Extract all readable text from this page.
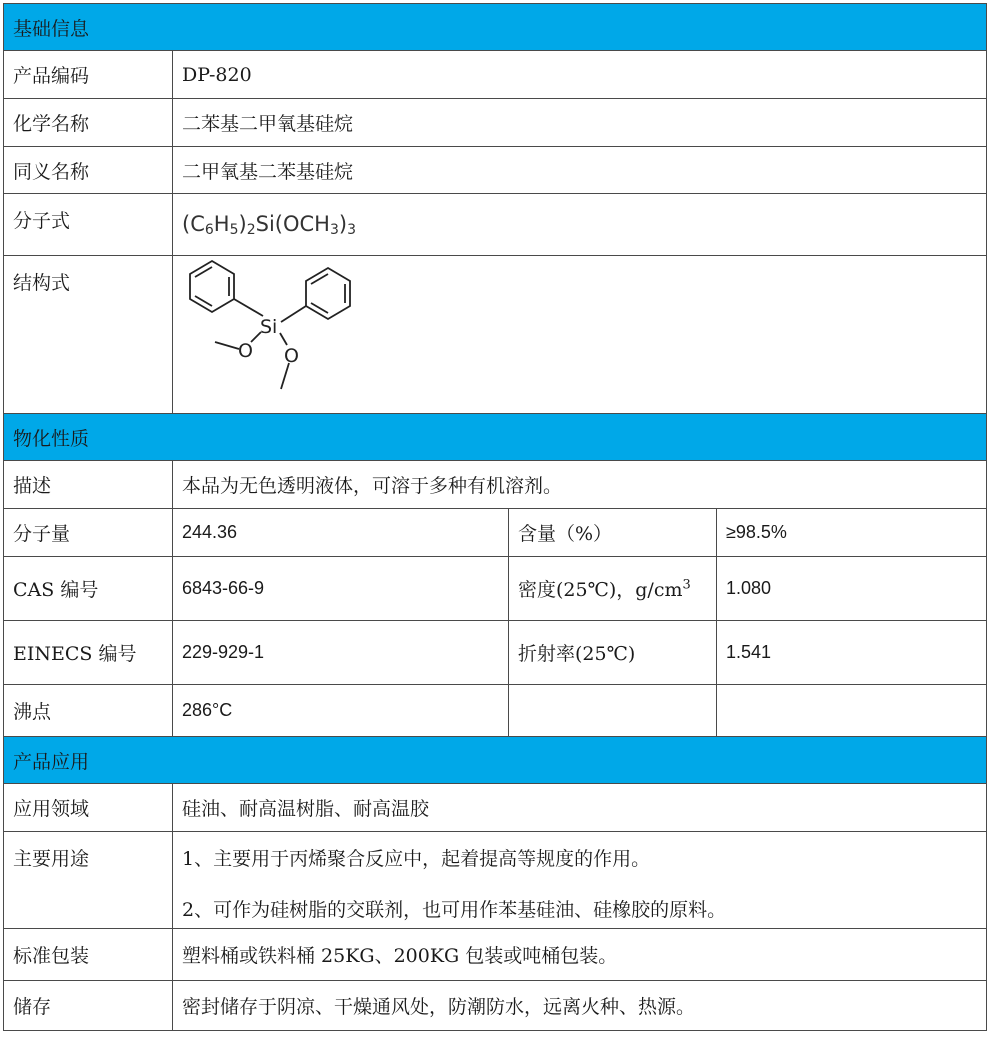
基础信息			
产品编码	DP-820		
化学名称	二苯基二甲氧基硅烷		
同义名称	二甲氧基二苯基硅烷		
分子式	$(C_6H_5)_2Si(OCH_3)_3$
结构式	Si
O O		

物化性质			
描述	本品为无色透明液体，可溶于多种有机溶剂。		
分子量	244.36	含量（%）	≥98.5%
CAS 编号	6843-66-9	密度(25℃)，$g/cm^3$	1.080
EINECS 编号	229-929-1	折射率(25℃)	1.541
沸点	286°C		
产品应用			
应用领域	硅油、耐高温树脂、耐高温胶		
主要用途	1、主要用于丙烯聚合反应中，起着提高等规度的作用。
2、可作为硅树脂的交联剂，也可用作苯基硅油、硅橡胶的原料。		

标准包装	塑料桶或铁料桶 25KG、200KG 包装或吨桶包装。		
储存	密封储存于阴凉、干燥通风处，防潮防水，远离火种、热源。		
